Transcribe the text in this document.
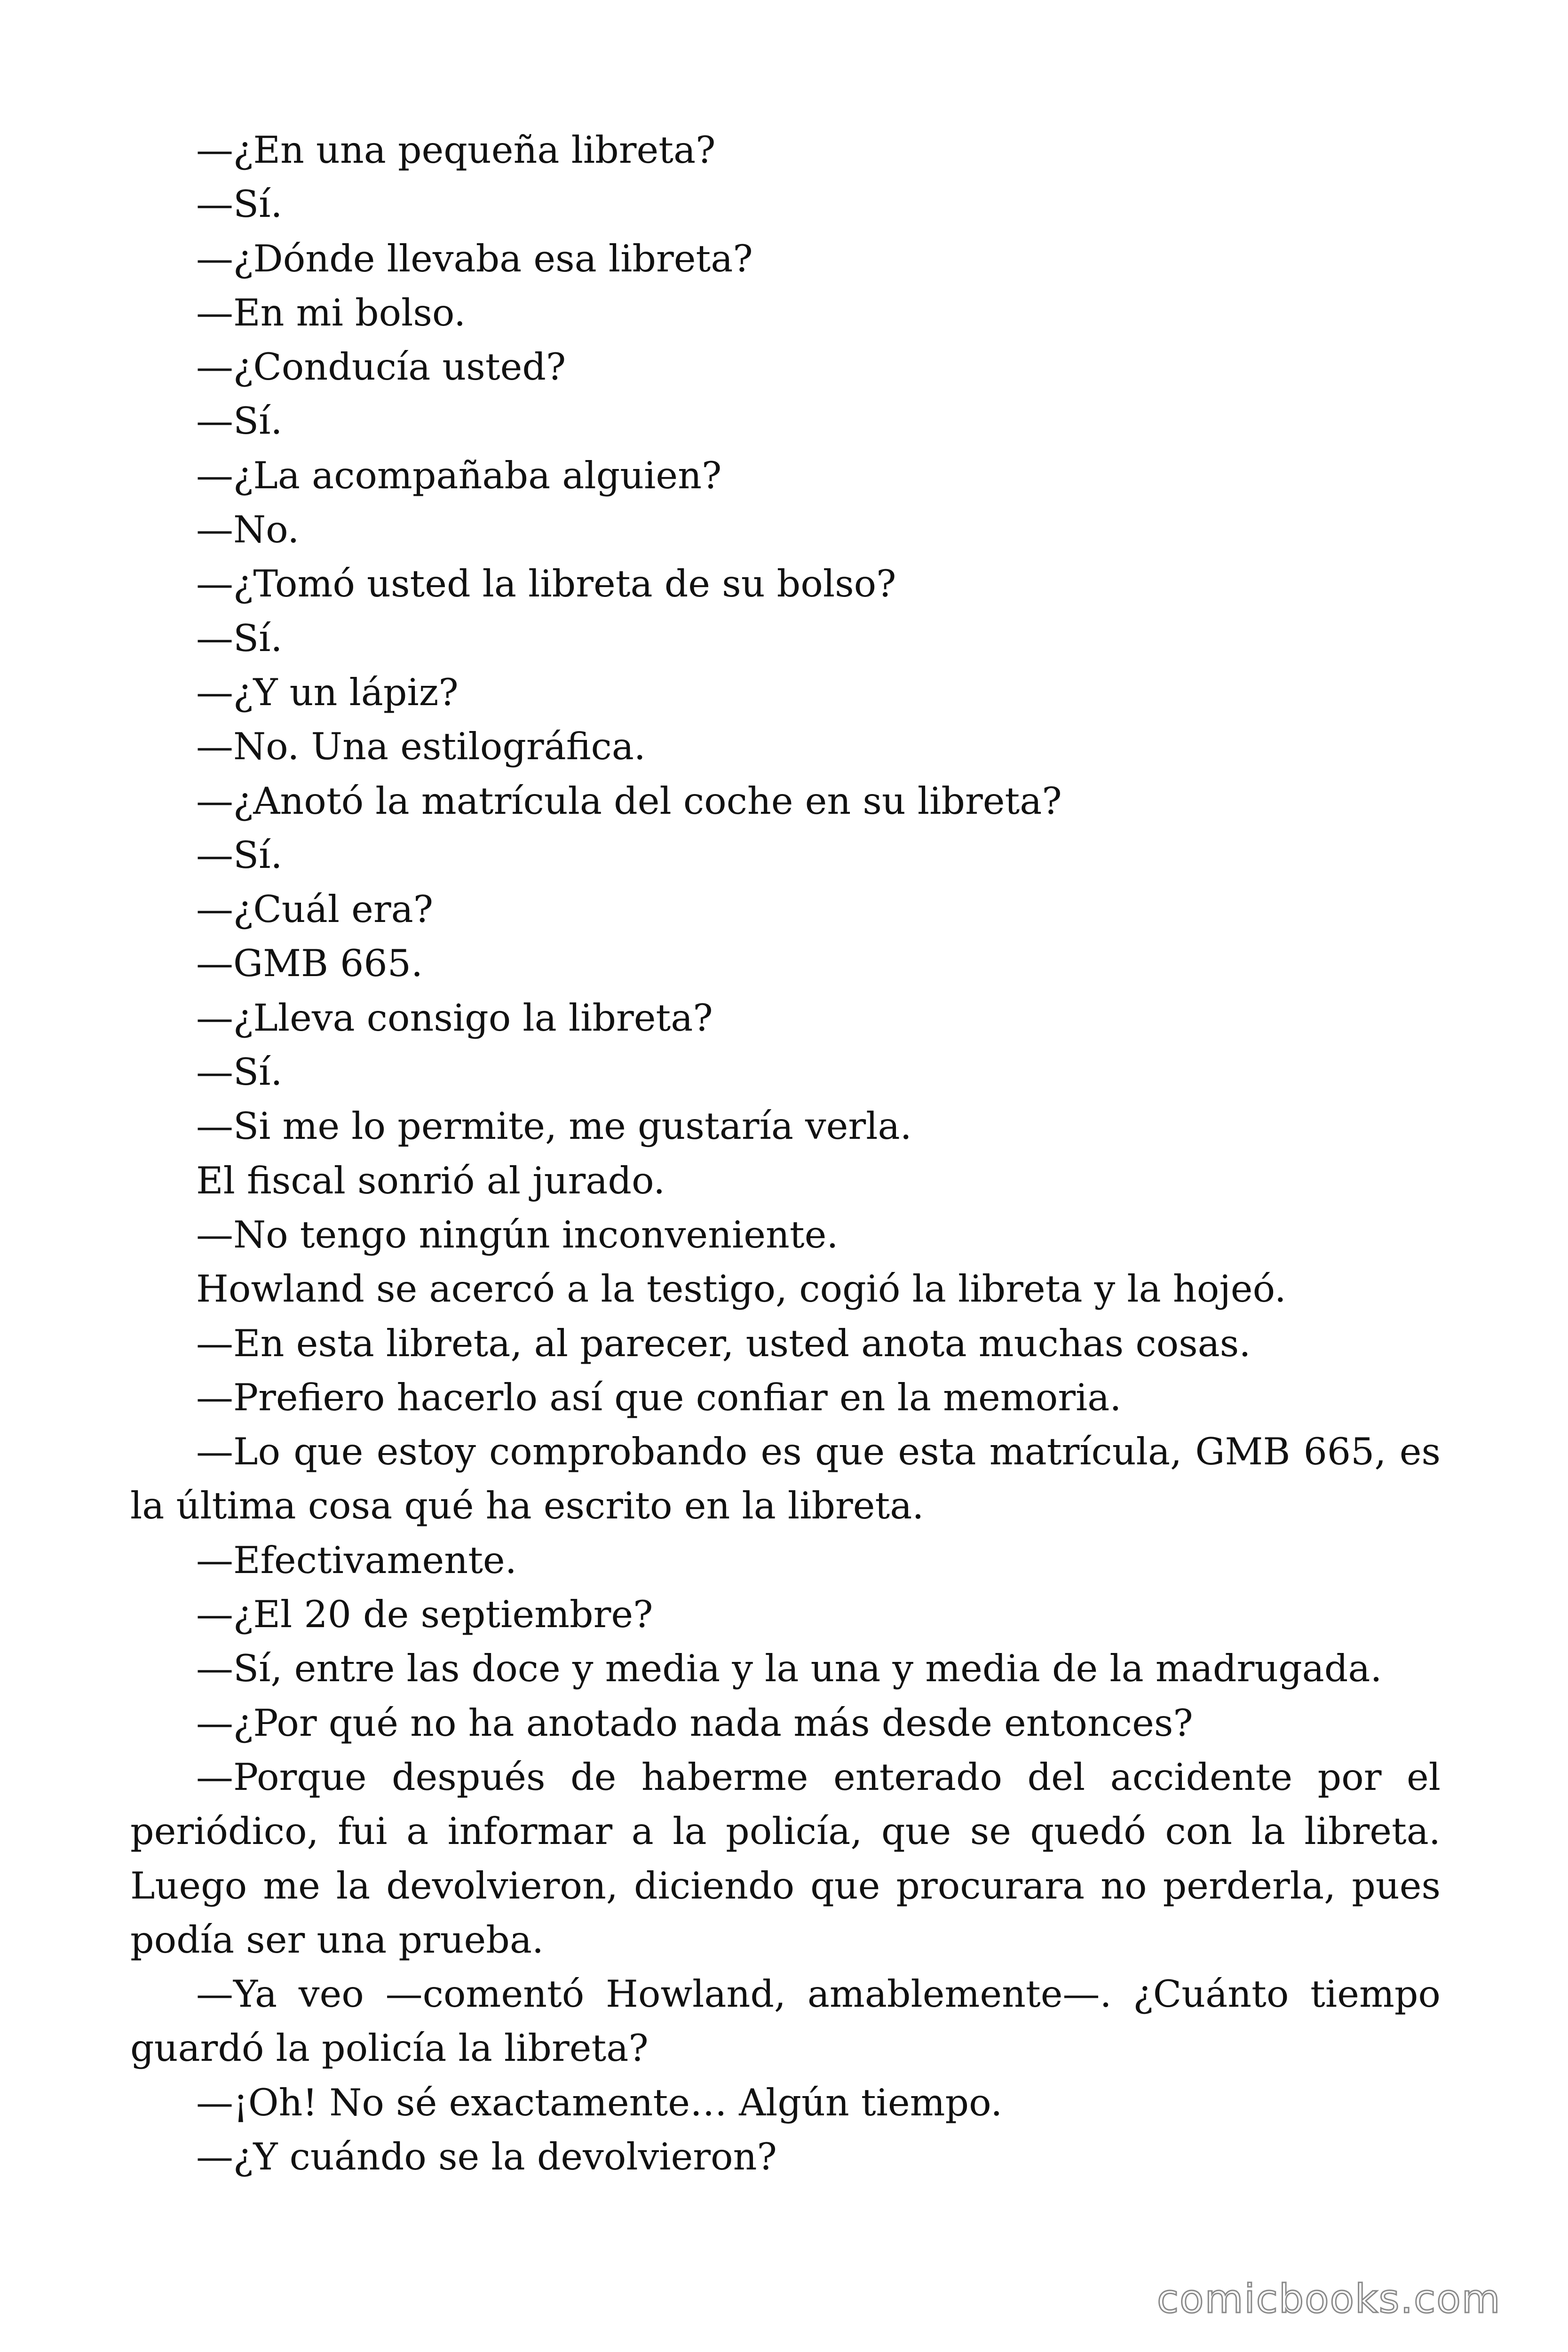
—¿En una pequeña libreta?

—Sí.

—¿Dónde llevaba esa libreta?

—En mi bolso.

—¿Conducía usted?

—Sí.

—¿La acompañaba alguien?

—No.

—¿Tomó usted la libreta de su bolso?

—Sí.

—¿Y un lápiz?

—No. Una estilográfica.

—¿Anotó la matrícula del coche en su libreta?

—Sí.

—¿Cuál era?

—GMB 665.

—¿Lleva consigo la libreta?

—Sí.

—Si me lo permite, me gustaría verla.

El fiscal sonrió al jurado.

—No tengo ningún inconveniente.

Howland se acercó a la testigo, cogió la libreta y la hojeó.

—En esta libreta, al parecer, usted anota muchas cosas.

—Prefiero hacerlo así que confiar en la memoria.

—Lo que estoy comprobando es que esta matrícula, GMB 665, es la última cosa qué ha escrito en la libreta.

—Efectivamente.

—¿El 20 de septiembre?

—Sí, entre las doce y media y la una y media de la madrugada.

—¿Por qué no ha anotado nada más desde entonces?

—Porque después de haberme enterado del accidente por el periódico, fui a informar a la policía, que se quedó con la libreta. Luego me la devolvieron, diciendo que procurara no perderla, pues podía ser una prueba.

—Ya veo —comentó Howland, amablemente—. ¿Cuánto tiempo guardó la policía la libreta?

—¡Oh! No sé exactamente… Algún tiempo.

—¿Y cuándo se la devolvieron?

comicbooks.com
